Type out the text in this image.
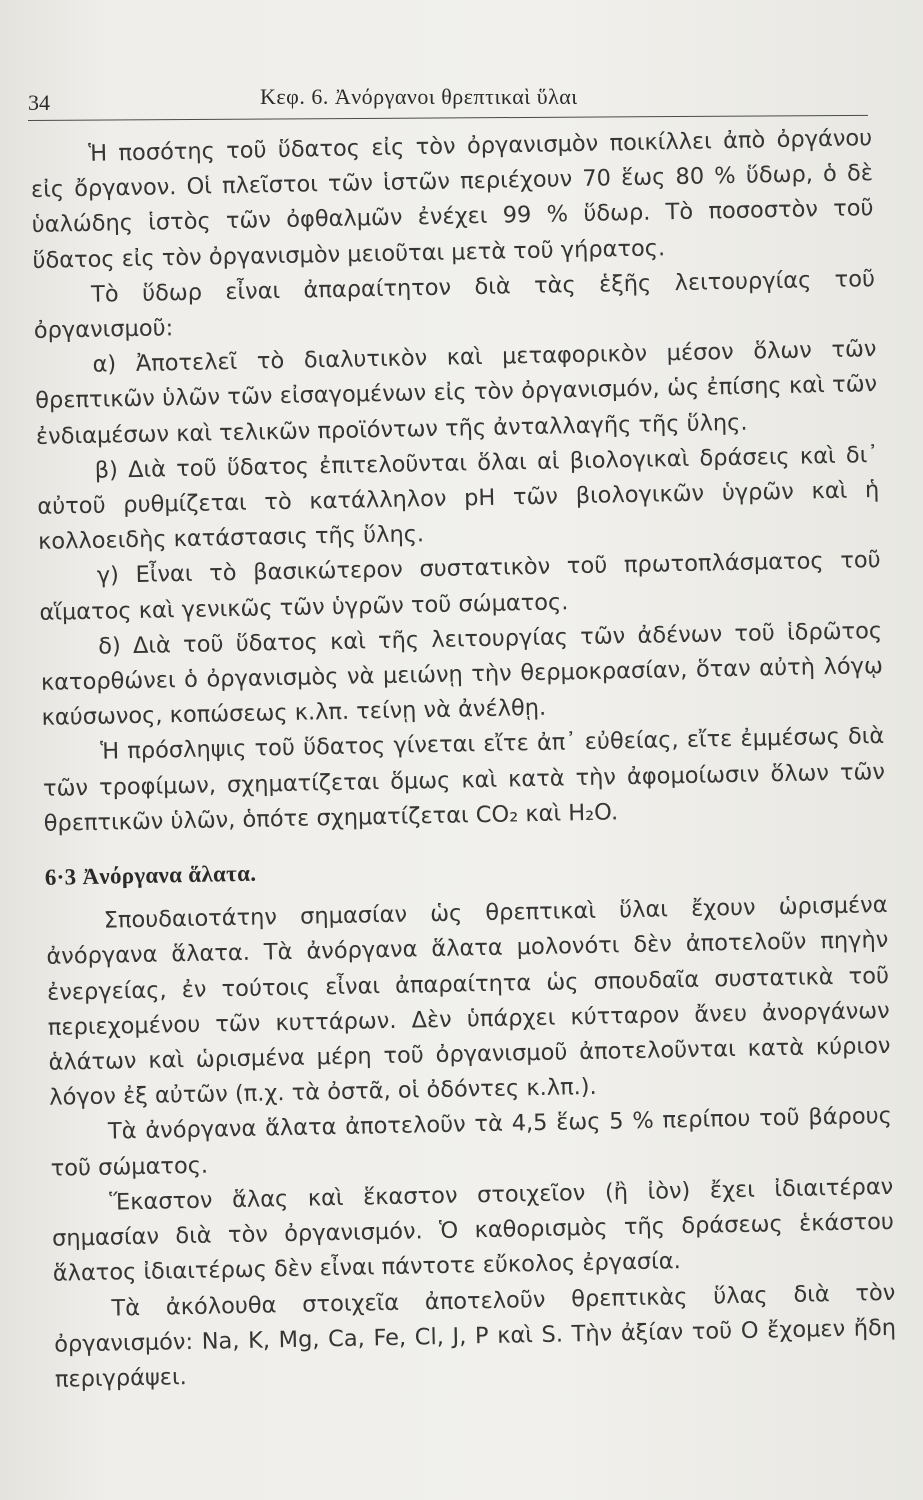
34	Κεφ. 6. Ἀνόργανοι θρεπτικαὶ ὕλαι

Ἡ ποσότης τοῦ ὕδατος εἰς τὸν ὀργανισμὸν ποικίλλει ἀπὸ ὀργάνου εἰς ὄργανον. Οἱ πλεῖστοι τῶν ἱστῶν περιέχουν 70 ἕως 80 % ὕδωρ, ὁ δὲ ὑαλώδης ἱστὸς τῶν ὀφθαλμῶν ἐνέχει 99 % ὕδωρ. Τὸ ποσοστὸν τοῦ ὕδατος εἰς τὸν ὀργανισμὸν μειοῦται μετὰ τοῦ γήρατος.

Τὸ ὕδωρ εἶναι ἀπαραίτητον διὰ τὰς ἑξῆς λειτουργίας τοῦ ὀργανισμοῦ:

α) Ἀποτελεῖ τὸ διαλυτικὸν καὶ μεταφορικὸν μέσον ὅλων τῶν θρεπτικῶν ὑλῶν τῶν εἰσαγομένων εἰς τὸν ὀργανισμόν, ὡς ἐπίσης καὶ τῶν ἐνδιαμέσων καὶ τελικῶν προϊόντων τῆς ἀνταλλαγῆς τῆς ὕλης.

β) Διὰ τοῦ ὕδατος ἐπιτελοῦνται ὅλαι αἱ βιολογικαὶ δράσεις καὶ δι᾽ αὐτοῦ ρυθμίζεται τὸ κατάλληλον pH τῶν βιολογικῶν ὑγρῶν καὶ ἡ κολλοειδὴς κατάστασις τῆς ὕλης.

γ) Εἶναι τὸ βασικώτερον συστατικὸν τοῦ πρωτοπλάσματος τοῦ αἵματος καὶ γενικῶς τῶν ὑγρῶν τοῦ σώματος.

δ) Διὰ τοῦ ὕδατος καὶ τῆς λειτουργίας τῶν ἀδένων τοῦ ἱδρῶτος κατορθώνει ὁ ὀργανισμὸς νὰ μειώνῃ τὴν θερμοκρασίαν, ὅταν αὐτὴ λόγῳ καύσωνος, κοπώσεως κ.λπ. τείνῃ νὰ ἀνέλθῃ.

Ἡ πρόσληψις τοῦ ὕδατος γίνεται εἴτε ἀπ᾽ εὐθείας, εἴτε ἐμμέσως διὰ τῶν τροφίμων, σχηματίζεται ὅμως καὶ κατὰ τὴν ἀφομοίωσιν ὅλων τῶν θρεπτικῶν ὑλῶν, ὁπότε σχηματίζεται CO₂ καὶ H₂O.

6·3 Ἀνόργανα ἅλατα.

Σπουδαιοτάτην σημασίαν ὡς θρεπτικαὶ ὕλαι ἔχουν ὡρισμένα ἀνόργανα ἅλατα. Τὰ ἀνόργανα ἅλατα μολονότι δὲν ἀποτελοῦν πηγὴν ἐνεργείας, ἐν τούτοις εἶναι ἀπαραίτητα ὡς σπουδαῖα συστατικὰ τοῦ περιεχομένου τῶν κυττάρων. Δὲν ὑπάρχει κύτταρον ἄνευ ἀνοργάνων ἁλάτων καὶ ὡρισμένα μέρη τοῦ ὀργανισμοῦ ἀποτελοῦνται κατὰ κύριον λόγον ἐξ αὐτῶν (π.χ. τὰ ὀστᾶ, οἱ ὀδόντες κ.λπ.).

Τὰ ἀνόργανα ἅλατα ἀποτελοῦν τὰ 4,5 ἕως 5 % περίπου τοῦ βάρους τοῦ σώματος.

Ἕκαστον ἅλας καὶ ἕκαστον στοιχεῖον (ἢ ἰὸν) ἔχει ἰδιαιτέραν σημασίαν διὰ τὸν ὀργανισμόν. Ὁ καθορισμὸς τῆς δράσεως ἑκάστου ἅλατος ἰδιαιτέρως δὲν εἶναι πάντοτε εὔκολος ἐργασία.

Τὰ ἀκόλουθα στοιχεῖα ἀποτελοῦν θρεπτικὰς ὕλας διὰ τὸν ὀργανισμόν: Na, K, Mg, Ca, Fe, Cl, J, P καὶ S. Τὴν ἀξίαν τοῦ O ἔχομεν ἤδη περιγράψει.
